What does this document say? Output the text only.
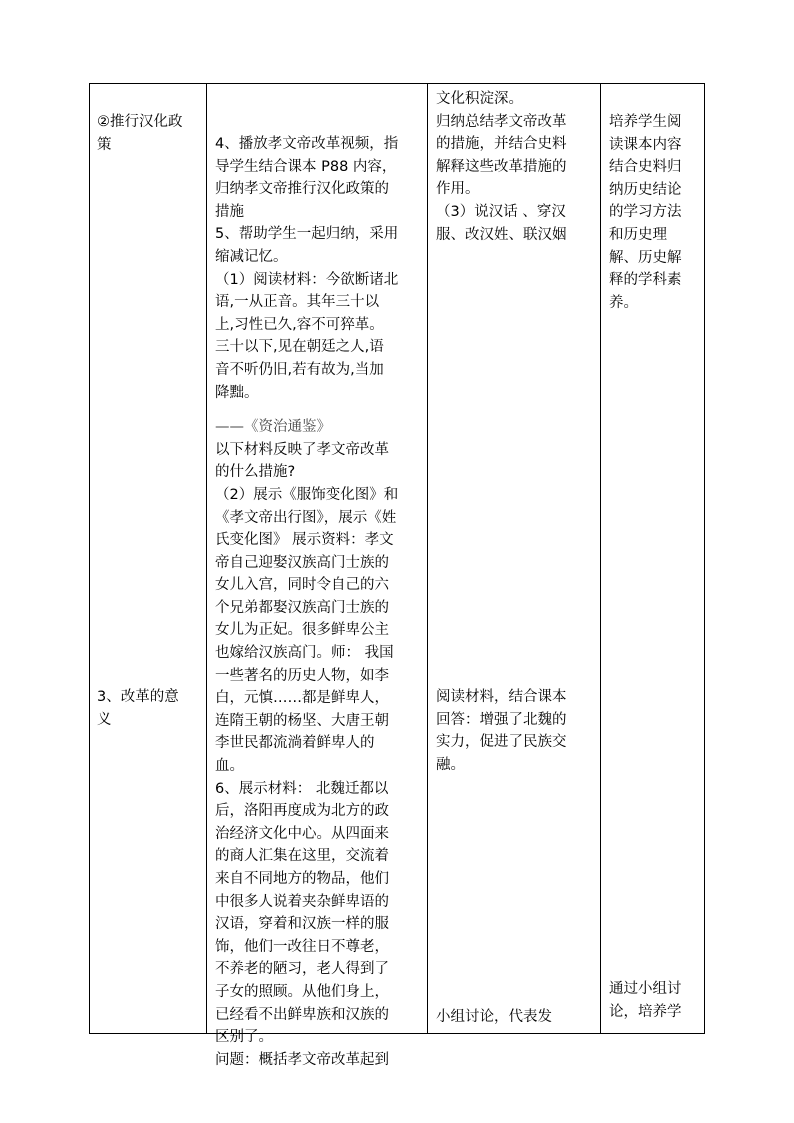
②推行汉化政
策
3、改革的意
义
4、播放孝文帝改革视频，指
导学生结合课本 P88 内容，
归纳孝文帝推行汉化政策的
措施
5、帮助学生一起归纳，采用
缩减记忆。
（1）阅读材料：今欲断诸北
语,一从正音。其年三十以
上,习性已久,容不可猝革。
三十以下,见在朝廷之人,语
音不听仍旧,若有故为,当加
降黜。
——《资治通鉴》
以下材料反映了孝文帝改革
的什么措施?
（2）展示《服饰变化图》和
《孝文帝出行图》，展示《姓
氏变化图》 展示资料：孝文
帝自己迎娶汉族高门士族的
女儿入宫，同时令自己的六
个兄弟都娶汉族高门士族的
女儿为正妃。很多鲜卑公主
也嫁给汉族高门。师： 我国
一些著名的历史人物，如李
白，元慎……都是鲜卑人，
连隋王朝的杨坚、大唐王朝
李世民都流淌着鲜卑人的
血。
6、展示材料： 北魏迁都以
后，洛阳再度成为北方的政
治经济文化中心。从四面来
的商人汇集在这里，交流着
来自不同地方的物品，他们
中很多人说着夹杂鲜卑语的
汉语，穿着和汉族一样的服
饰，他们一改往日不尊老，
不养老的陋习，老人得到了
子女的照顾。从他们身上，
已经看不出鲜卑族和汉族的
区别了。
问题：概括孝文帝改革起到
文化积淀深。
归纳总结孝文帝改革
的措施，并结合史料
解释这些改革措施的
作用。
（3）说汉话 、穿汉
服、改汉姓、联汉姻
阅读材料，结合课本
回答：增强了北魏的
实力，促进了民族交
融。
小组讨论，代表发
培养学生阅
读课本内容
结合史料归
纳历史结论
的学习方法
和历史理
解、历史解
释的学科素
养。
通过小组讨
论，培养学
